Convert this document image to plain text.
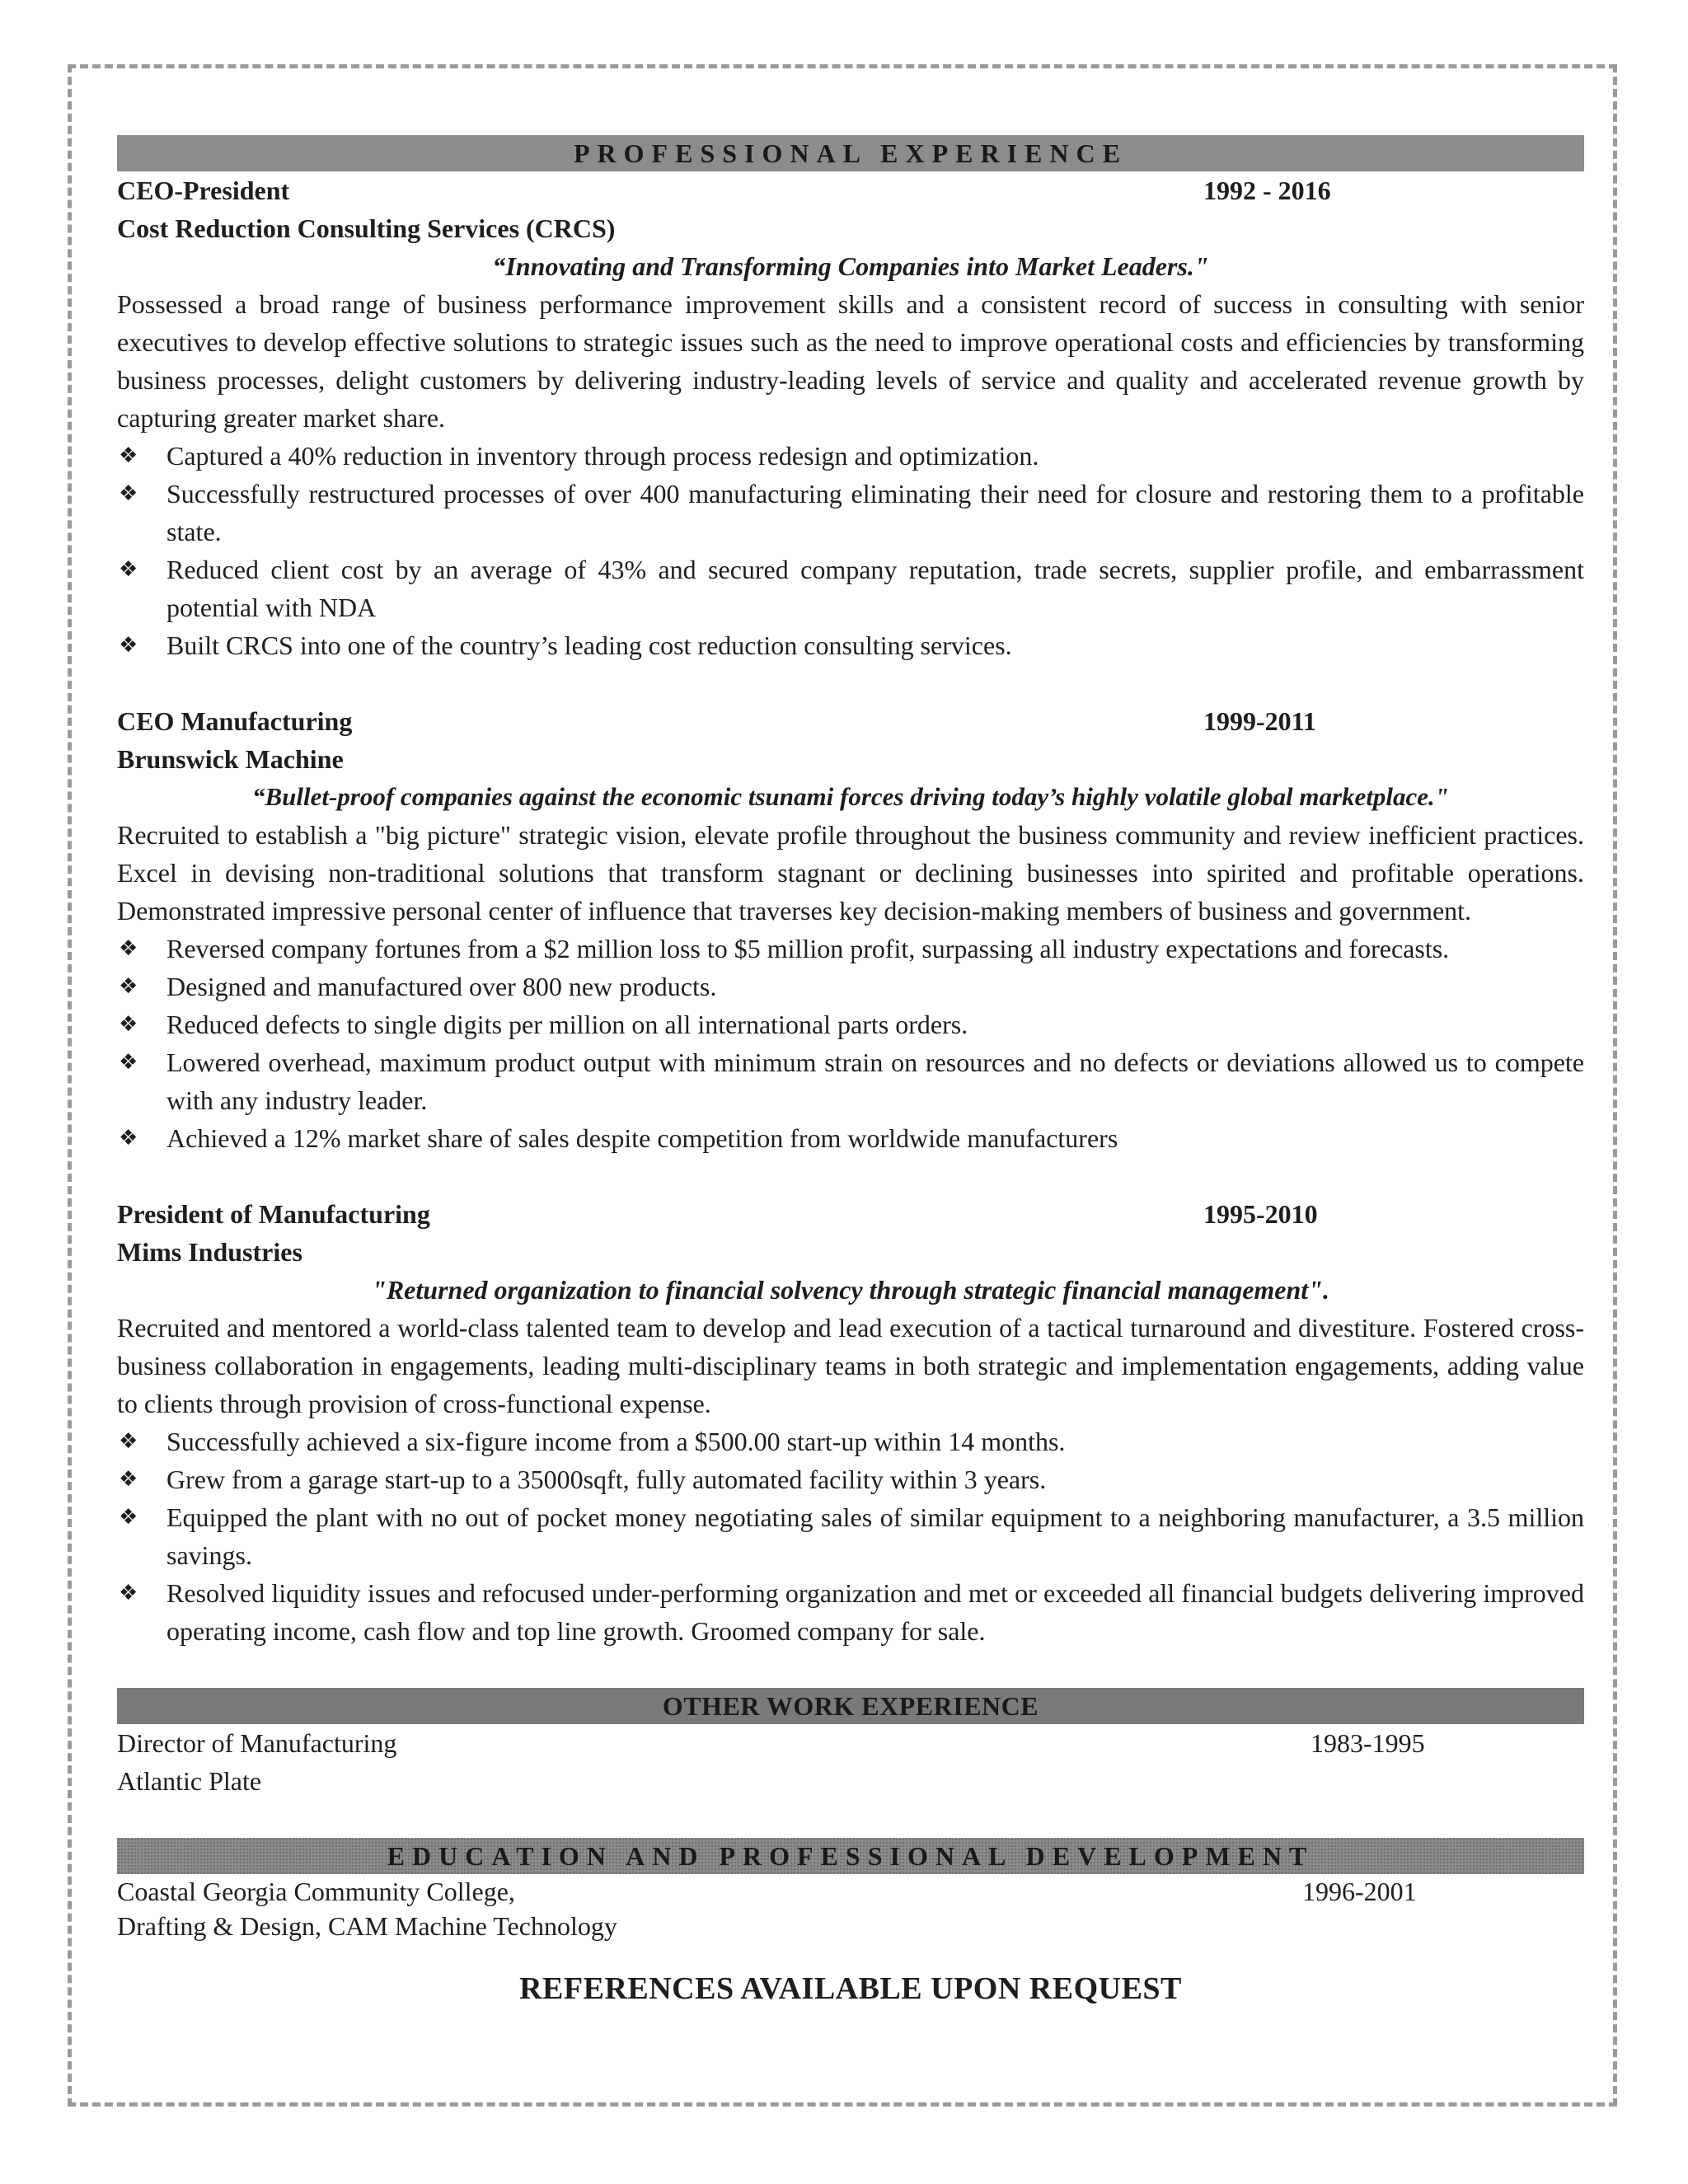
PROFESSIONAL EXPERIENCE
CEO-President	1992 - 2016
Cost Reduction Consulting Services (CRCS)
“Innovating and Transforming Companies into Market Leaders."

Possessed a broad range of business performance improvement skills and a consistent record of success in consulting with senior executives to develop effective solutions to strategic issues such as the need to improve operational costs and efficiencies by transforming business processes, delight customers by delivering industry-leading levels of service and quality and accelerated revenue growth by capturing greater market share.

❖ Captured a 40% reduction in inventory through process redesign and optimization.
❖ Successfully restructured processes of over 400 manufacturing eliminating their need for closure and restoring them to a profitable state.
❖ Reduced client cost by an average of 43% and secured company reputation, trade secrets, supplier profile, and embarrassment potential with NDA
❖ Built CRCS into one of the country’s leading cost reduction consulting services.
CEO Manufacturing	1999-2011
Brunswick Machine
“Bullet-proof companies against the economic tsunami forces driving today’s highly volatile global marketplace."

Recruited to establish a "big picture" strategic vision, elevate profile throughout the business community and review inefficient practices. Excel in devising non-traditional solutions that transform stagnant or declining businesses into spirited and profitable operations. Demonstrated impressive personal center of influence that traverses key decision-making members of business and government.

❖ Reversed company fortunes from a $2 million loss to $5 million profit, surpassing all industry expectations and forecasts.
❖ Designed and manufactured over 800 new products.
❖ Reduced defects to single digits per million on all international parts orders.
❖ Lowered overhead, maximum product output with minimum strain on resources and no defects or deviations allowed us to compete with any industry leader.
❖ Achieved a 12% market share of sales despite competition from worldwide manufacturers
President of Manufacturing	1995-2010
Mims Industries
"Returned organization to financial solvency through strategic financial management".

Recruited and mentored a world-class talented team to develop and lead execution of a tactical turnaround and divestiture. Fostered cross-business collaboration in engagements, leading multi-disciplinary teams in both strategic and implementation engagements, adding value to clients through provision of cross-functional expense.

❖ Successfully achieved a six-figure income from a $500.00 start-up within 14 months.
❖ Grew from a garage start-up to a 35000sqft, fully automated facility within 3 years.
❖ Equipped the plant with no out of pocket money negotiating sales of similar equipment to a neighboring manufacturer, a 3.5 million savings.
❖ Resolved liquidity issues and refocused under-performing organization and met or exceeded all financial budgets delivering improved operating income, cash flow and top line growth. Groomed company for sale.
OTHER WORK EXPERIENCE
Director of Manufacturing	1983-1995
Atlantic Plate
EDUCATION AND PROFESSIONAL DEVELOPMENT
Coastal Georgia Community College,	1996-2001
Drafting & Design, CAM Machine Technology
REFERENCES AVAILABLE UPON REQUEST
